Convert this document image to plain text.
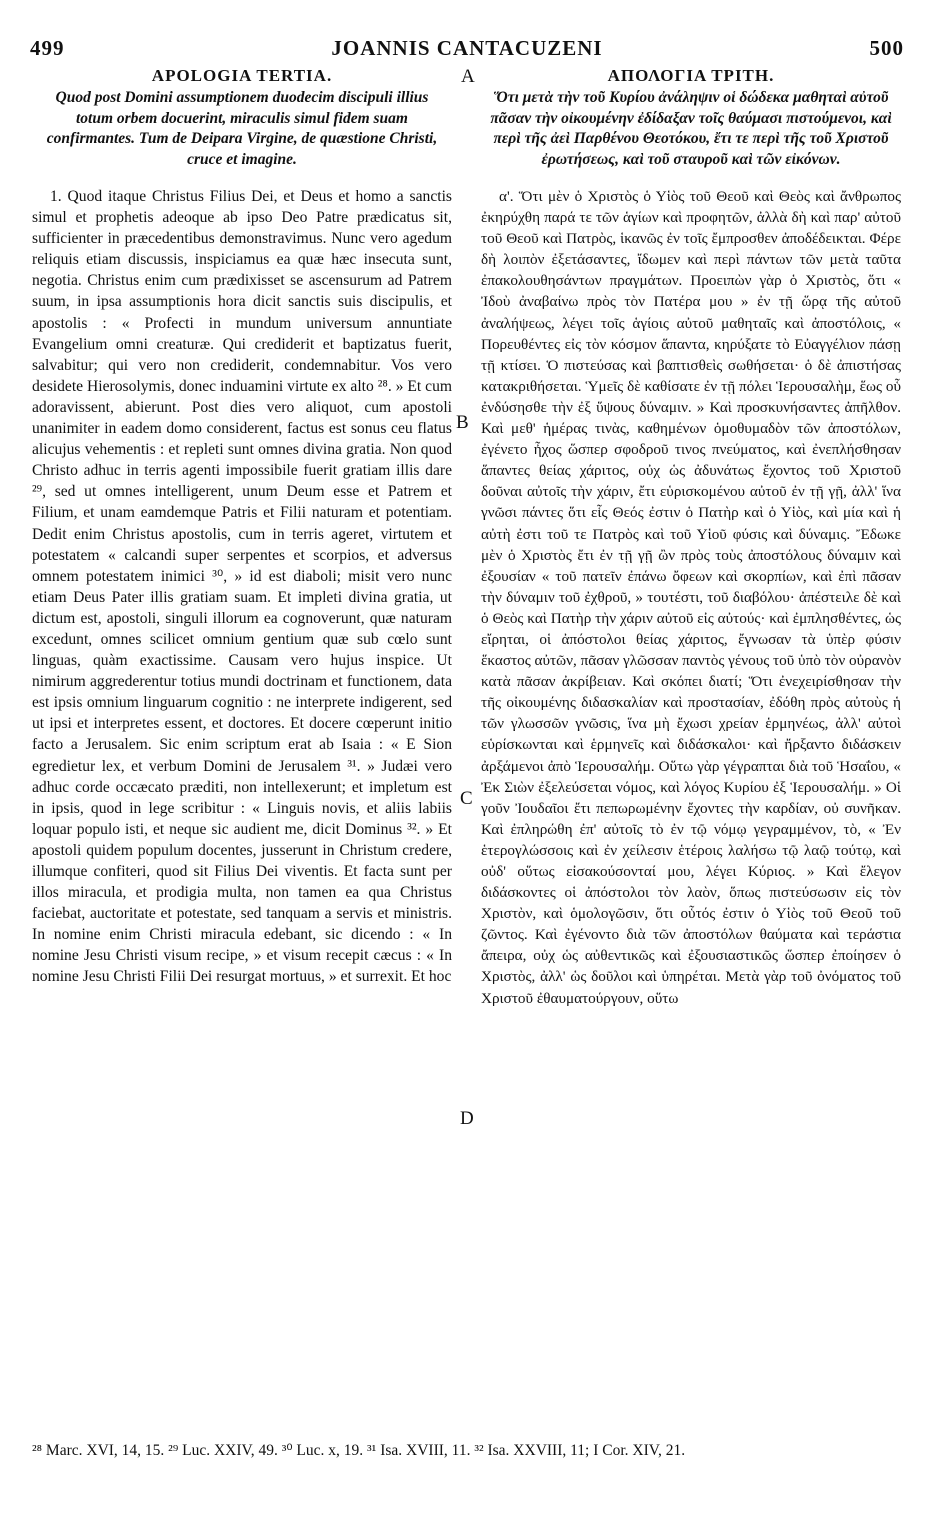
499	JOANNIS CANTACUZENI	500
APOLOGIA TERTIA.
Quod post Domini assumptionem duodecim discipuli illius totum orbem docuerint, miraculis simul fidem suam confirmantes. Tum de Deipara Virgine, de quæstione Christi, cruce et imagine.

1. Quod itaque Christus Filius Dei, et Deus et homo a sanctis simul et prophetis adeoque ab ipso Deo Patre prædicatus sit, sufficienter in præcedentibus demonstravimus. Nunc vero agedum reliquis etiam discussis, inspiciamus ea quæ hæc insecuta sunt, negotia. Christus enim cum prædixisset se ascensurum ad Patrem suum, in ipsa assumptionis hora dicit sanctis suis discipulis, et apostolis : « Profecti in mundum universum annuntiate Evangelium omni creaturæ. Qui crediderit et baptizatus fuerit, salvabitur; qui vero non crediderit, condemnabitur. Vos vero desidete Hierosolymis, donec induamini virtute ex alto ²⁸. » Et cum adoravissent, abierunt. Post dies vero aliquot, cum apostoli unanimiter in eadem domo considerent, factus est sonus ceu flatus alicujus vehementis : et repleti sunt omnes divina gratia. Non quod Christo adhuc in terris agenti impossibile fuerit gratiam illis dare ²⁹, sed ut omnes intelligerent, unum Deum esse et Patrem et Filium, et unam eamdemque Patris et Filii naturam et potentiam. Dedit enim Christus apostolis, cum in terris ageret, virtutem et potestatem « calcandi super serpentes et scorpios, et adversus omnem potestatem inimici ³⁰, » id est diaboli; misit vero nunc etiam Deus Pater illis gratiam suam. Et impleti divina gratia, ut dictum est, apostoli, singuli illorum ea cognoverunt, quæ naturam excedunt, omnes scilicet omnium gentium quæ sub cœlo sunt linguas, quàm exactissime. Causam vero hujus inspice. Ut nimirum aggrederentur totius mundi doctrinam et functionem, data est ipsis omnium linguarum cognitio : ne interprete indigerent, sed ut ipsi et interpretes essent, et doctores. Et docere cœperunt initio facto a Jerusalem. Sic enim scriptum erat ab Isaia : « E Sion egredietur lex, et verbum Domini de Jerusalem ³¹. » Judæi vero adhuc corde occæcato præditi, non intellexerunt; et impletum est in ipsis, quod in lege scribitur : « Linguis novis, et aliis labiis loquar populo isti, et neque sic audient me, dicit Dominus ³². » Et apostoli quidem populum docentes, jusserunt in Christum credere, illumque confiteri, quod sit Filius Dei viventis. Et facta sunt per illos miracula, et prodigia multa, non tamen ea qua Christus faciebat, auctoritate et potestate, sed tanquam a servis et ministris. In nomine enim Christi miracula edebant, sic dicendo : « In nomine Jesu Christi visum recipe, » et visum recepit cæcus : « In nomine Jesu Christi Filii Dei resurgat mortuus, » et surrexit. Et hoc

A
B
C
D
ΑΠΟΛΟΓΙΑ ΤΡΙΤΗ.
Ὅτι μετὰ τὴν τοῦ Κυρίου ἀνάληψιν οἱ δώδεκα μαθηταὶ αὐτοῦ πᾶσαν τὴν οἰκουμένην ἐδίδαξαν τοῖς θαύμασι πιστούμενοι, καὶ περὶ τῆς ἀεὶ Παρθένου Θεοτόκου, ἔτι τε περὶ τῆς τοῦ Χριστοῦ ἐρωτήσεως, καὶ τοῦ σταυροῦ καὶ τῶν εἰκόνων.

α'. Ὅτι μὲν ὁ Χριστὸς ὁ Υἱὸς τοῦ Θεοῦ καὶ Θεὸς καὶ ἄνθρωπος ἐκηρύχθη παρά τε τῶν ἁγίων καὶ προφητῶν, ἀλλὰ δὴ καὶ παρ' αὐτοῦ τοῦ Θεοῦ καὶ Πατρὸς, ἱκανῶς ἐν τοῖς ἔμπροσθεν ἀποδέδεικται. Φέρε δὴ λοιπὸν ἐξετάσαντες, ἴδωμεν καὶ περὶ πάντων τῶν μετὰ ταῦτα ἐπακολουθησάντων πραγμάτων. Προειπὼν γὰρ ὁ Χριστὸς, ὅτι « Ἰδοὺ ἀναβαίνω πρὸς τὸν Πατέρα μου » ἐν τῇ ὥρᾳ τῆς αὐτοῦ ἀναλήψεως, λέγει τοῖς ἁγίοις αὐτοῦ μαθηταῖς καὶ ἀποστόλοις, « Πορευθέντες εἰς τὸν κόσμον ἅπαντα, κηρύξατε τὸ Εὐαγγέλιον πάσῃ τῇ κτίσει. Ὁ πιστεύσας καὶ βαπτισθεὶς σωθήσεται· ὁ δὲ ἀπιστήσας κατακριθήσεται. Ὑμεῖς δὲ καθίσατε ἐν τῇ πόλει Ἱερουσαλὴμ, ἕως οὗ ἐνδύσησθε τὴν ἐξ ὕψους δύναμιν. » Καὶ προσκυνήσαντες ἀπῆλθον. Καὶ μεθ' ἡμέρας τινὰς, καθημένων ὁμοθυμαδὸν τῶν ἀποστόλων, ἐγένετο ἦχος ὥσπερ σφοδροῦ τινος πνεύματος, καὶ ἐνεπλήσθησαν ἅπαντες θείας χάριτος, οὐχ ὡς ἀδυνάτως ἔχοντος τοῦ Χριστοῦ δοῦναι αὐτοῖς τὴν χάριν, ἔτι εὑρισκομένου αὐτοῦ ἐν τῇ γῇ, ἀλλ' ἵνα γνῶσι πάντες ὅτι εἷς Θεός ἐστιν ὁ Πατὴρ καὶ ὁ Υἱὸς, καὶ μία καὶ ἡ αὐτὴ ἐστι τοῦ τε Πατρὸς καὶ τοῦ Υἱοῦ φύσις καὶ δύναμις. Ἔδωκε μὲν ὁ Χριστὸς ἔτι ἐν τῇ γῇ ὢν πρὸς τοὺς ἀποστόλους δύναμιν καὶ ἐξουσίαν « τοῦ πατεῖν ἐπάνω ὄφεων καὶ σκορπίων, καὶ ἐπὶ πᾶσαν τὴν δύναμιν τοῦ ἐχθροῦ, » τουτέστι, τοῦ διαβόλου· ἀπέστειλε δὲ καὶ ὁ Θεὸς καὶ Πατὴρ τὴν χάριν αὐτοῦ εἰς αὐτούς· καὶ ἐμπλησθέντες, ὡς εἴρηται, οἱ ἀπόστολοι θείας χάριτος, ἔγνωσαν τὰ ὑπὲρ φύσιν ἕκαστος αὐτῶν, πᾶσαν γλῶσσαν παντὸς γένους τοῦ ὑπὸ τὸν οὐρανὸν κατὰ πᾶσαν ἀκρίβειαν. Καὶ σκόπει διατί; Ὅτι ἐνεχειρίσθησαν τὴν τῆς οἰκουμένης διδασκαλίαν καὶ προστασίαν, ἐδόθη πρὸς αὐτοὺς ἡ τῶν γλωσσῶν γνῶσις, ἵνα μὴ ἔχωσι χρείαν ἑρμηνέως, ἀλλ' αὐτοὶ εὑρίσκωνται καὶ ἑρμηνεῖς καὶ διδάσκαλοι· καὶ ἤρξαντο διδάσκειν ἀρξάμενοι ἀπὸ Ἱερουσαλήμ. Οὕτω γὰρ γέγραπται διὰ τοῦ Ἡσαΐου, « Ἐκ Σιὼν ἐξελεύσεται νόμος, καὶ λόγος Κυρίου ἐξ Ἱερουσαλήμ. » Οἱ γοῦν Ἰουδαῖοι ἔτι πεπωρωμένην ἔχοντες τὴν καρδίαν, οὐ συνῆκαν. Καὶ ἐπληρώθη ἐπ' αὐτοῖς τὸ ἐν τῷ νόμῳ γεγραμμένον, τὸ, « Ἐν ἑτερογλώσσοις καὶ ἐν χείλεσιν ἑτέροις λαλήσω τῷ λαῷ τούτῳ, καὶ οὐδ' οὕτως εἰσακούσονταί μου, λέγει Κύριος. » Καὶ ἔλεγον διδάσκοντες οἱ ἀπόστολοι τὸν λαὸν, ὅπως πιστεύσωσιν εἰς τὸν Χριστὸν, καὶ ὁμολογῶσιν, ὅτι οὗτός ἐστιν ὁ Υἱὸς τοῦ Θεοῦ τοῦ ζῶντος. Καὶ ἐγένοντο διὰ τῶν ἀποστόλων θαύματα καὶ τεράστια ἄπειρα, οὐχ ὡς αὐθεντικῶς καὶ ἐξουσιαστικῶς ὥσπερ ἐποίησεν ὁ Χριστὸς, ἀλλ' ὡς δοῦλοι καὶ ὑπηρέται. Μετὰ γὰρ τοῦ ὀνόματος τοῦ Χριστοῦ ἐθαυματούργουν, οὕτω

²⁸ Marc. XVI, 14, 15. ²⁹ Luc. XXIV, 49. ³⁰ Luc. x, 19. ³¹ Isa. XVIII, 11. ³² Isa. XXVIII, 11; I Cor. XIV, 21.
